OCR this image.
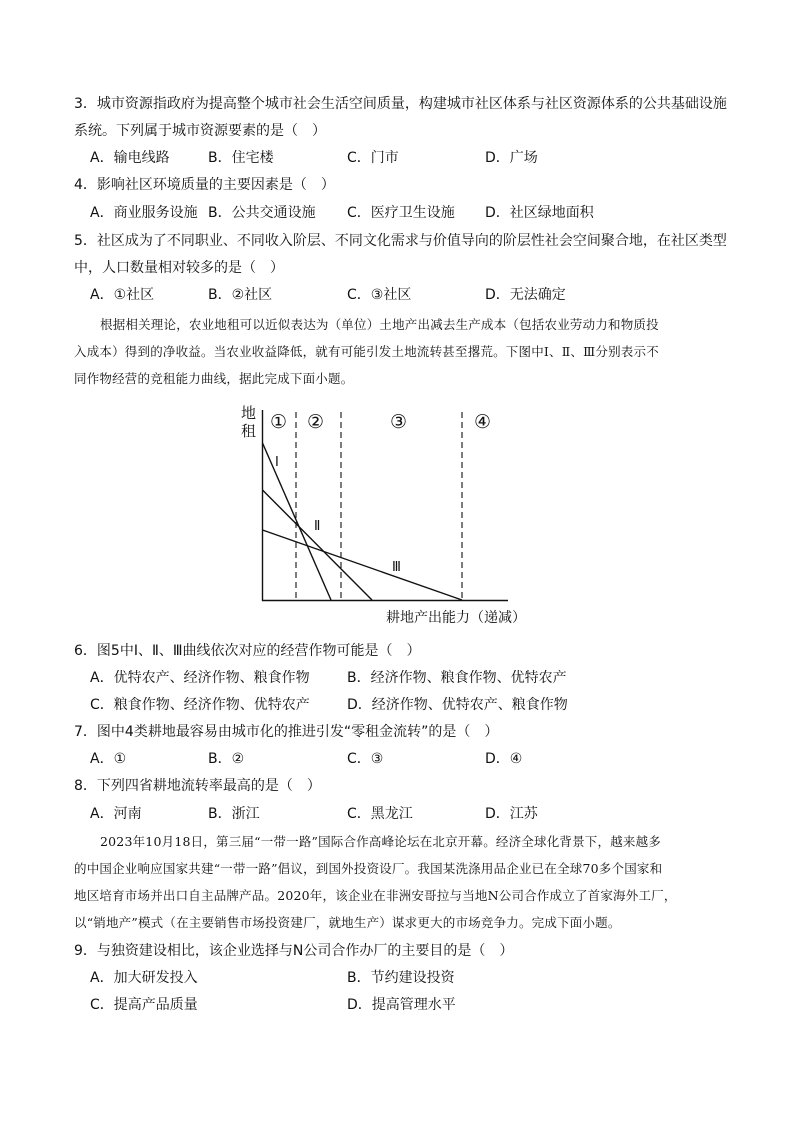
3．城市资源指政府为提高整个城市社会生活空间质量，构建城市社区体系与社区资源体系的公共基础设施
系统。下列属于城市资源要素的是（　）
A．输电线路	B．住宅楼	C．门市	D．广场
4．影响社区环境质量的主要因素是（　）
A．商业服务设施 B．公共交通设施 C．医疗卫生设施 D．社区绿地面积
5．社区成为了不同职业、不同收入阶层、不同文化需求与价值导向的阶层性社会空间聚合地，在社区类型
中，人口数量相对较多的是（　）
A．①社区	B．②社区	C．③社区	D．无法确定
根据相关理论，农业地租可以近似表达为（单位）土地产出减去生产成本（包括农业劳动力和物质投
入成本）得到的净收益。当农业收益降低，就有可能引发土地流转甚至撂荒。下图中Ⅰ、Ⅱ、Ⅲ分别表示不
同作物经营的竞租能力曲线，据此完成下面小题。
地
租
耕地产出能力（递减）
① ②	③	④
Ⅰ
Ⅱ
Ⅲ
6．图5中Ⅰ、Ⅱ、Ⅲ曲线依次对应的经营作物可能是（　）
A．优特农产、经济作物、粮食作物	B．经济作物、粮食作物、优特农产
C．粮食作物、经济作物、优特农产	D．经济作物、优特农产、粮食作物
7．图中4类耕地最容易由城市化的推进引发“零租金流转”的是（　）
A．①	B．②	C．③	D．④
8．下列四省耕地流转率最高的是（　）
A．河南	B．浙江	C．黑龙江	D．江苏
2023年10月18日，第三届“一带一路”国际合作高峰论坛在北京开幕。经济全球化背景下，越来越多
的中国企业响应国家共建“一带一路”倡议，到国外投资设厂。我国某洗涤用品企业已在全球70多个国家和
地区培育市场并出口自主品牌产品。2020年，该企业在非洲安哥拉与当地N公司合作成立了首家海外工厂，
以“销地产”模式（在主要销售市场投资建厂，就地生产）谋求更大的市场竞争力。完成下面小题。
9．与独资建设相比，该企业选择与N公司合作办厂的主要目的是（　）
A．加大研发投入	B．节约建设投资
C．提高产品质量	D．提高管理水平
